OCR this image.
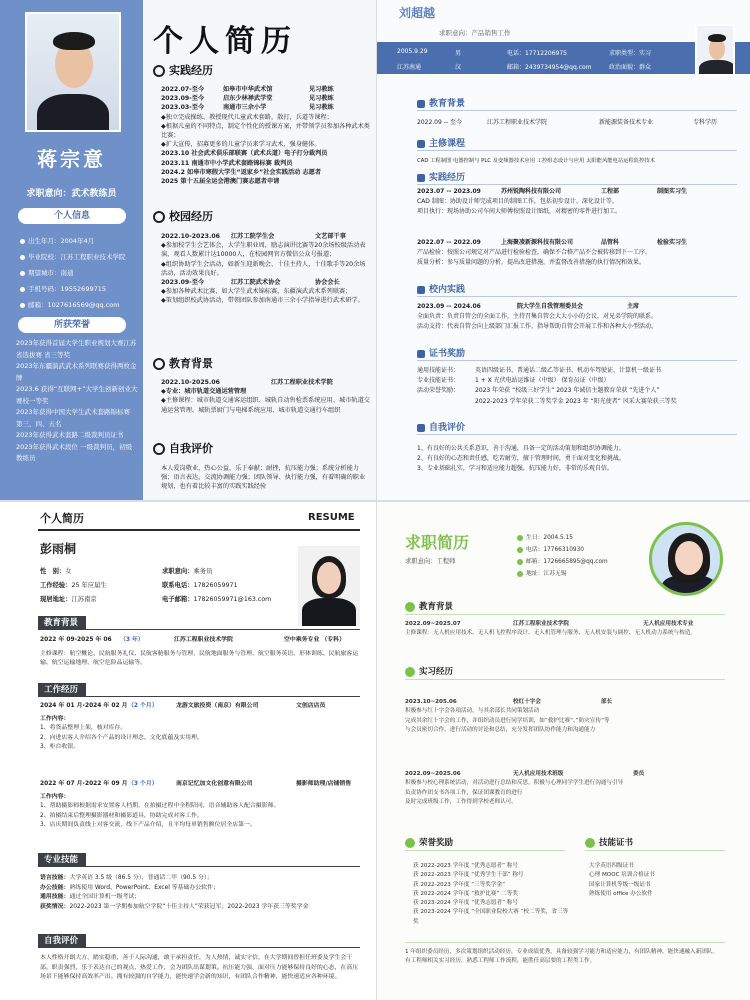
蒋宗意
求职意向：武术教练员
个人信息
出生年月：2004年4月
毕业院校：江苏工程职业技术学院
期望城市：南通
手机号码：19552699715
邮箱：1027616569@qq.com
所获荣誉
2023年获得首届大学生职业规划大赛江苏省选拔赛 省三等奖
2023年东疆演武武术系列联赛获得两枚金牌
2023.6 获得“互联网+”大学生创新创业大赛校一等奖
2023年获得中国大学生武术套路锦标赛 第三、四、五名
2023年获得武术套路二级裁判员证书
2023年获得武术段位 一级裁判员，初级教练员
个人简历
实践经历
2022.07-至今	如皋市中华武术馆	见习教练
2023.09-至今	启东少林禅武学堂	见习教练
2023.03-至今	南通市三余小学	见习教练
◆独立完成操练、教授现代儿童武术套路，散打，兵道等课程；
◆根据儿童的不同特点，制定个性化的授课方案，并带领学员参加各种武术类比赛；
◆扩大宣传，招募更多的儿童学员来学习武术，强身健体。
2023.10 社会武术俱乐部联赛（武术兵道）电子打分裁判员
2023.11 南通市中小学武术套路锦标赛 裁判员
2024.2 如皋市寒假大学生“返家乡”社会实践活动 志愿者
2025 第十五届全运会港澳门赛志愿者申请
校园经历
2022.10-2023.06	江苏工院学生会	文艺部干事
◆参加校学生会艺体会，大学生职业周，励志演讲比赛等20余场校级活动表演，观看人数累计达10000人，在校园网官方微信公众号报道；
◆组织协助学生会活动，如新生迎新晚会、十佳主持人、十佳歌手等20余场活动，活动效果良好。
2023.09-至今	江苏工院武术协会	协会会长
◆参加各种武术比赛，如大学生武术锦标赛、东疆演武武术系列联赛；
◆策划组织校武协活动，带领团队参加南通市三余小学指导进行武术研学。
教育背景
2022.10-2025.06	江苏工程职业技术学院
◆专业：城市轨道交通运营管理
◆主修课程：城市轨道交通客运组织、城轨自动售检票系统应用、城市轨道交通运营管理、城轨票厨门与电梯系统应用、城市轨道交通行车组织
自我评价
本人爱岗敬业，热心公益，乐于奉献；耐挫，抗压能力强；系统分析能力强；语言表达，交流协调能力强；团队领导、执行能力强，有着明确的职业规划，也有着比较丰富的实践实践经验
刘超越
求职意向：产品销售工作
2005.9.29	男	电话：17712206975	求职类型：实习
江苏南通	汉	邮箱：2439734954@qq.com	政治面貌：群众
教育背景
2022.09 -- 至今	江苏工程职业技术学院	新能源装备技术专业	专科学历
主修课程
CAD 工程制图 电器控制与 PLC 及变频器技术应用 工控组态设计与应用 太阳能风能电站运程监控技术
实践经历
2023.07 -- 2023.09	苏州锐陶科技有限公司	工程部	制图实习生
CAD 制图：协助设计师完成项目的制图工作，包括初步设计、深化设计等。
项目执行：现场协助公司车间大师傅按照设计图纸，对精密的零件进行加工。
2022.07 -- 2022.09	上海聚凌新源科技有限公司	品管科	检验实习生
产品检验：按照公司规定对产品进行检验检查，确保不合格产品不会被转移到下一工序。
质量分析：参与质量问题的分析，提出改进措施，并监督改善措施的执行情况和效果。
校内实践
2023.09 -- 2024.06	院大学生自我管理委员会	主席
全面负责：负责自管会的全面工作，主持召集自管会大大小小的会议，对兄弟学院的联系。
活动支持：代表自管会向上级部门汇报工作，指导帮助自管会开展工作和各种大小型活动。
证书奖励
通用技能证书：	英语四级证书、普通话二级乙等证书、机动车驾驶证、计算机一级证书
专业技能证书：	1 + X 光伏电站运维证（中级） 保育员证（中级）
活动荣誉奖励：	2023 年荣获 “校级三好学生” 2023 年诚信主题教育荣获 “先进个人”
2022-2023 学年荣获二等奖学金 2023 年 “阳光使者” 风采大赛荣获三等奖
自我评价
1、有良好的公共关系意识，善于沟通，具备一定的活动策划和组织协调能力。
2、有良好的心态和责任感，吃苦耐劳，擅于管理时间，勇于面对变化和挑战。
3、专业基础扎实，学习和适应能力超强，抗压能力好，非常的乐观自信。
个人简历	RESUME
彭雨桐
性　别：女	求职意向：乘务员
工作经验：25 年应届生	联系电话：17826059971
现居地址：江苏南京	电子邮箱：17826059971@163.com
教育背景
2022 年 09-2025 年 06	（3 年）	江苏工程职业技术学院	空中乘务专业 （专科）
主修课程：航空概论、民航服务礼仪、民航客舱服务与管理、民航地面服务与管理、航空服务英语、形体训练、民航旅客运输、航空运输地理、航空危险品运输等。
工作经历
2024 年 01 月-2024 年 02 月 （2 个月）	龙游文旅投资（南京）有限公司	文创店店员
工作内容：
1、将货品整理上架，核对库存。
2、向进店客人介绍各个产品的设计理念、文化底蕴及实用理。
3、柜台收银。
2022 年 07 月-2022 年 09 月 （3 个月）	南京记忆加文化创意有限公司	摄影师助理/店铺销售
工作内容：
1、帮助摄影师根据需求安置客人档期，在拍摄过程中全程陪同，语音辅助客人配合摄影师。
2、拍摄结束后整理摄影器材和摄影道具，协助完成对客工作。
3、店庆期间负责线上对客交流，线下产品介绍，且平均每单销售额位居全店第一。
专业技能
语言技能：大学英语 3.5 级（86.5 分），普通话二甲（90.5 分）；
办公技能：熟练使用 Word、PowerPoint、Excel 等基础办公软件；
通用技能：通过全国计算机一级考试；
获奖情况：2022-2023 第一学期参加航空学院“十佳主持人”荣获冠军；2022-2023 学年获三等奖学金
自我评价
本人性格开朗大方，踏实稳重，善于人际沟通，敢于承担责任，为人热情，诚实守信，在大学期间曾担任班委及学生会干部。职责强烈，乐于表达自己的观点，热爱工作，会为团队出谋划策。抗压能力强，面对压力能够保持良好的心态，在高压场景下能够保持高效率产出。拥有较强的自学能力，能快速学会新的知识，有团队合作精神，能快速适应各种环境。
求职简历
求职意向：工程师
生日：2004.5.15
电话：17766310930
邮箱：1726665895@qq.com
地址：江苏无锡
教育背景
2022.09~2025.07	江苏工程职业技术学院	无人机应用技术专业
主修课程：无人机应用技术、无人机飞控程序设计、无人机管理与服务、无人机安装与调控、无人机动力系统与构造。
实习经历
2023.10~205.06	校红十字会	部长
积极参与红十字会各项活动，与其余部长共同策划活动
完成其余红十字会的工作，并组织动员进行同学培训，如”救护比赛“、”防灾宣传“等
与会员密切合作，进行活动的讨论和总结，充分发挥团队协作能力和沟通能力
2022.09~2025.06	无人机应用技术班级	委员
积极参与校心理系统活动，对活动进行总结和反思，积极与心理同学学生进行沟通与引导
负责协作团支书各项工作，保证团课教育的进行
及时完成班级工作，工作得到学校老师认可。
荣誉奖励
获 2022-2023 学年度 “优秀志愿者” 称号
获 2022-2023 学年度 “优秀学生干部” 称号
获 2022-2023 学年度 “三等奖学金”
获 2022-2024 学年度 “救护比赛” 二等奖
获 2023-2024 学年度 “优秀志愿者” 称号
获 2023-2024 学年度 “全国职业院校大赛 “校二等奖，省三等奖
技能证书
大学英语四级证书
心理 MOOC 培训合格证书
国家计算机等级一级证书
熟练使用 office 办公软件
1 年组织委员经历，多次策划组织活动经历，专业成绩优秀，具备较强学习能力和适应能力，有团队精神，能快速融入新团队。
有工程师相关实习经历，熟悉工程师工作流程，能胜任高层要的工程类工作。
